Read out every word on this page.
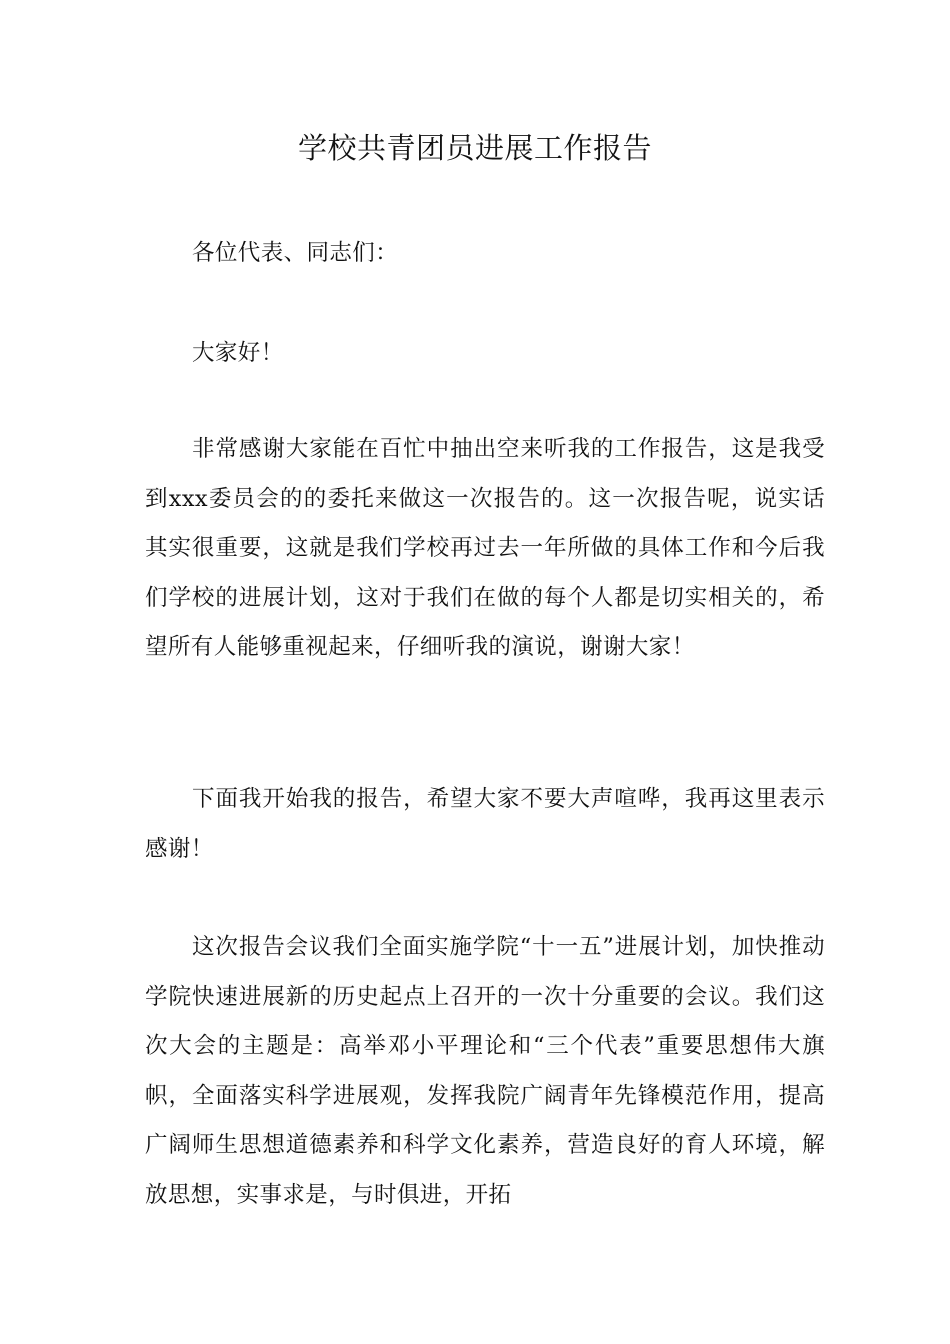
学校共青团员进展工作报告

各位代表、同志们：

大家好！

非常感谢大家能在百忙中抽出空来听我的工作报告，这是我受到xxx委员会的的委托来做这一次报告的。这一次报告呢，说实话其实很重要，这就是我们学校再过去一年所做的具体工作和今后我们学校的进展计划，这对于我们在做的每个人都是切实相关的，希望所有人能够重视起来，仔细听我的演说，谢谢大家！

下面我开始我的报告，希望大家不要大声喧哗，我再这里表示感谢！

这次报告会议我们全面实施学院“十一五”进展计划，加快推动学院快速进展新的历史起点上召开的一次十分重要的会议。我们这次大会的主题是：高举邓小平理论和“三个代表”重要思想伟大旗帜，全面落实科学进展观，发挥我院广阔青年先锋模范作用，提高广阔师生思想道德素养和科学文化素养，营造良好的育人环境，解放思想，实事求是，与时俱进，开拓
